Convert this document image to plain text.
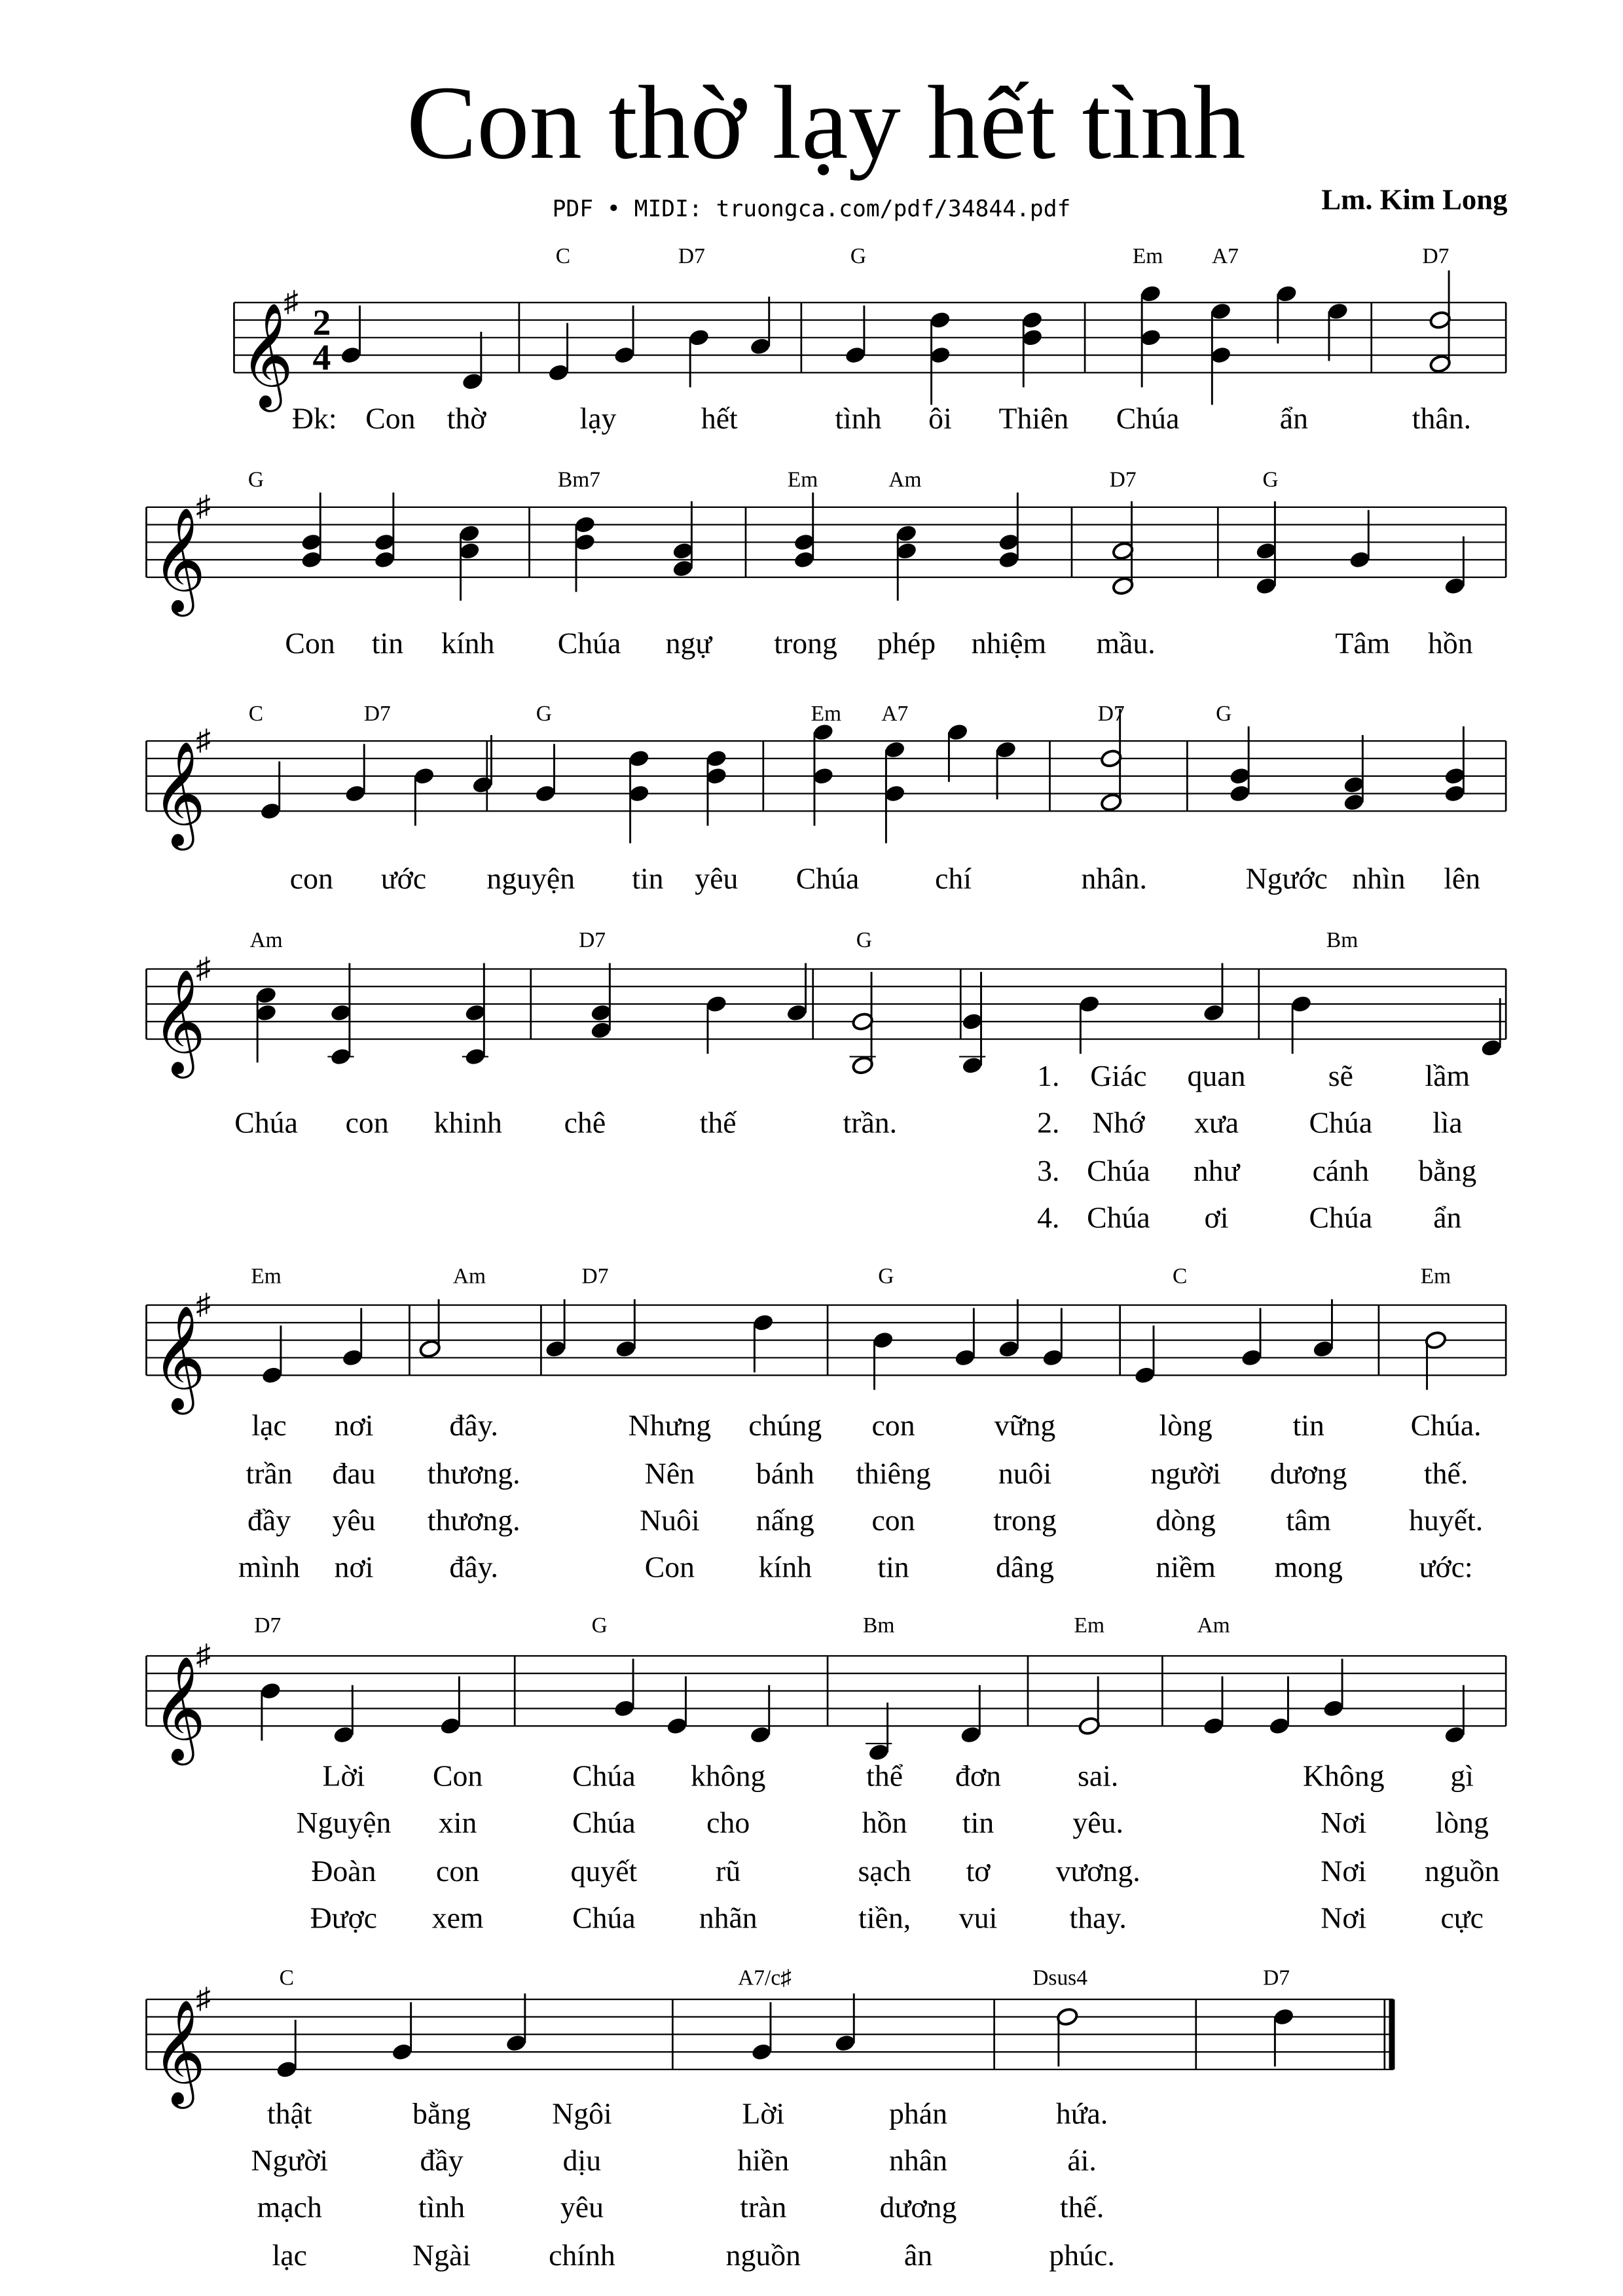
Con thờ lạy hết tình
PDF • MIDI: truongca.com/pdf/34844.pdf	Lm. Kim Long
𝄞
♯
2
4
C	D7	G	Em	A7	D7
Đk: Con thờ	lạy	hết	tình	ôi	Thiên	Chúa	ẩn	thân.
𝄞
♯
G	Bm7	Em	Am	D7	G
Con	tin	kính	Chúa	ngự	trong	phép	nhiệm	mầu.	Tâm	hồn
𝄞
♯
C	D7	G	Em	A7	D7	G
con	ước	nguyện	tin yêu	Chúa	chí	nhân.	Ngước nhìn	lên
𝄞
♯
Am	D7	G	Bm
1. Giác	quan	sẽ	lầm
Chúa	con	khinh	chê	thế	trần.	2. Nhớ	xưa	Chúa	lìa
3. Chúa	như	cánh	bằng
4. Chúa	ơi	Chúa	ẩn
𝄞
♯
Em	Am	D7	G	C	Em
lạc	nơi	đây.	Nhưng	chúng	con	vững	lòng	tin	Chúa.
trần	đau	thương.	Nên	bánh	thiêng	nuôi	người	dương	thế.
đầy	yêu	thương.	Nuôi	nấng	con	trong	dòng	tâm	huyết.
mình	nơi	đây.	Con	kính	tin	dâng	niềm	mong	ước:
𝄞
♯
D7	G	Bm	Em	Am
Lời	Con	Chúa	không	thể	đơn	sai.	Không	gì
Nguyện	xin	Chúa	cho	hồn	tin	yêu.	Nơi	lòng
Đoàn	con	quyết	rũ	sạch	tơ	vương.	Nơi	nguồn
Được	xem	Chúa	nhãn	tiền,	vui	thay.	Nơi	cực
𝄞
♯
C	A7/c♯	Dsus4	D7
thật	bằng	Ngôi	Lời	phán	hứa.
Người	đầy	dịu	hiền	nhân	ái.
mạch	tình	yêu	tràn	dương	thế.
lạc	Ngài	chính	nguồn	ân	phúc.
